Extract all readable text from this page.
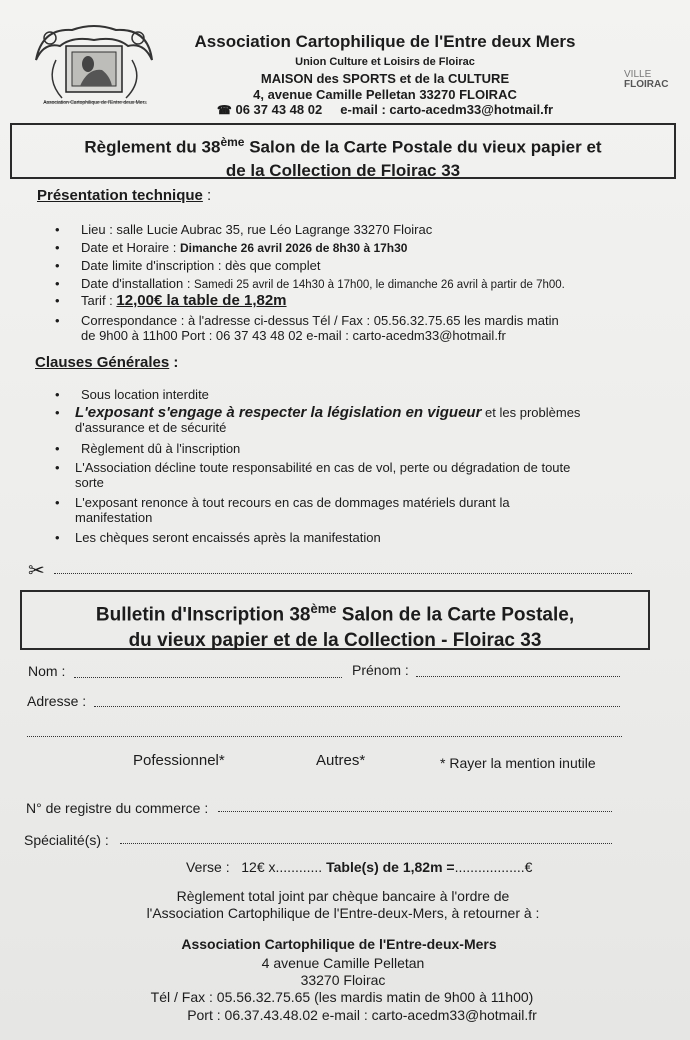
Association Cartophilique de l'Entre deux Mers
Association Cartophilique de l'Entre deux Mers
Union Culture et Loisirs de Floirac
MAISON des SPORTS et de la CULTURE
4, avenue Camille Pelletan 33270 FLOIRAC
☎ 06 37 43 48 02 e-mail : carto-acedm33@hotmail.fr
VILLE
FLOIRAC
Règlement du 38ème Salon de la Carte Postale du vieux papier et
de la Collection de Floirac 33
Présentation technique :
•	Lieu : salle Lucie Aubrac 35, rue Léo Lagrange 33270 Floirac
•	Date et Horaire : Dimanche 26 avril 2026 de 8h30 à 17h30
•	Date limite d'inscription : dès que complet
•	Date d'installation : Samedi 25 avril de 14h30 à 17h00, le dimanche 26 avril à partir de 7h00.
•	Tarif : 12,00€ la table de 1,82m
•	Correspondance : à l'adresse ci-dessus Tél / Fax : 05.56.32.75.65 les mardis matin
de 9h00 à 11h00 Port : 06 37 43 48 02 e-mail : carto-acedm33@hotmail.fr
Clauses Générales :
•	Sous location interdite
•	L'exposant s'engage à respecter la législation en vigueur et les problèmes
d'assurance et de sécurité
•	Règlement dû à l'inscription
•	L'Association décline toute responsabilité en cas de vol, perte ou dégradation de toute
sorte
•	L'exposant renonce à tout recours en cas de dommages matériels durant la
manifestation
•	Les chèques seront encaissés après la manifestation
✂
Bulletin d'Inscription 38ème Salon de la Carte Postale,
du vieux papier et de la Collection - Floirac 33
Nom :	Prénom :
Adresse :
Pofessionnel*	Autres*	* Rayer la mention inutile
N° de registre du commerce :
Spécialité(s) :
Verse : 12€ x............ Table(s) de 1,82m =..................€
Règlement total joint par chèque bancaire à l'ordre de
l'Association Cartophilique de l'Entre-deux-Mers, à retourner à :
Association Cartophilique de l'Entre-deux-Mers
4 avenue Camille Pelletan
33270 Floirac
Tél / Fax : 05.56.32.75.65 (les mardis matin de 9h00 à 11h00)
Port : 06.37.43.48.02 e-mail : carto-acedm33@hotmail.fr
